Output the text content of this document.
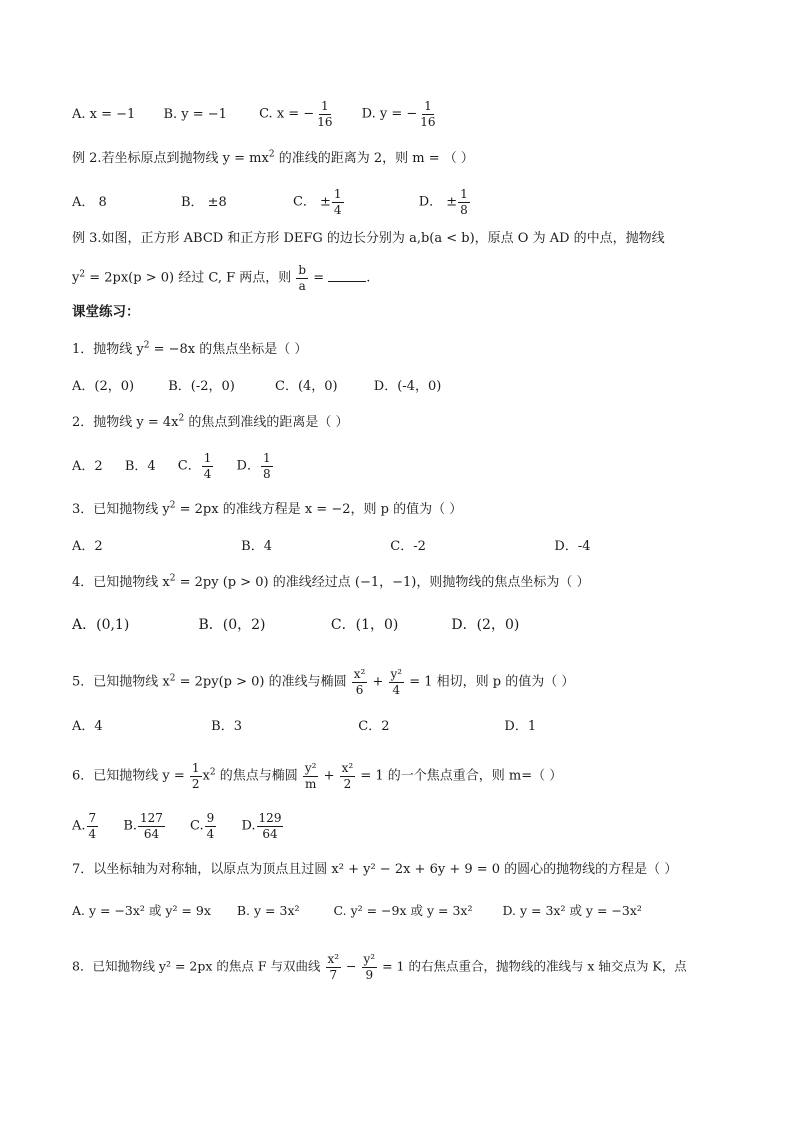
A. x = −1 B. y = −1 C. x = − $\frac{1}{16} D$. y = − $\frac{1}{16}$
例 2.若坐标原点到抛物线 $y = mx^2$ 的准线的距离为 2，则 m = （ ）
A． 8	B． ±8	C． ± $\frac{1}{4}$	D． ± $\frac{1}{8}$
例 3.如图，正方形 ABCD 和正方形 DEFG 的边长分别为 a,b(a < b)，原点 O 为 AD 的中点，抛物线
$y^2 = 2px(p > 0)$ 经过 C, F 两点，则 $\frac{b}{a}$ =	.
课堂练习：
1．抛物线 $y^2 = -8x$ 的焦点坐标是（ ）
A．(2，0)	B．(-2，0)	C．(4，0)	D．(-4，0)
2．抛物线 $y = 4x^2$ 的焦点到准线的距离是（ ）
A．2 B．4 C． $\frac{1}{4}$ D． $\frac{1}{8}$
3．已知抛物线 $y^2 = 2px$ 的准线方程是 x = −2，则 p 的值为（ ）
A．2	B．4	C．-2	D．-4
4．已知抛物线 $x^2 = 2py$ (p > 0) 的准线经过点 (−1，−1)，则抛物线的焦点坐标为（ ）
A．(0,1)	B．(0，2)	C．(1，0)	D．(2，0)
5．已知抛物线 $x^2 = 2py(p > 0)$ 的准线与椭圆 $\frac{\text{x²}}{6} + \frac{\text{y²}}{4} = 1$ 相切，则 p 的值为（ ）
A．4	B．3	C．2	D．1
6．已知抛物线 $y = \frac{1}{2} x^2$ 的焦点与椭圆 $\frac{\text{y²}}{m} + \frac{\text{x²}}{2} = 1$ 的一个焦点重合，则 m=（ ）
A. $\frac{7}{4} B$. $\frac{127}{64} C$. $\frac{9}{4} D$. $\frac{129}{64}$
7．以坐标轴为对称轴，以原点为顶点且过圆 x² + y² − 2x + 6y + 9 = 0 的圆心的抛物线的方程是（ ）
A. y = −3x² 或 y² = 9x B. y = 3x²	C. y² = −9x 或 y = 3x² D. y = 3x² 或 y = −3x²
8．已知抛物线 y² = 2px 的焦点 F 与双曲线 $\frac{\text{x²}}{7} - \frac{\text{y²}}{9} = 1$ 的右焦点重合，抛物线的准线与 x 轴交点为 K，点
